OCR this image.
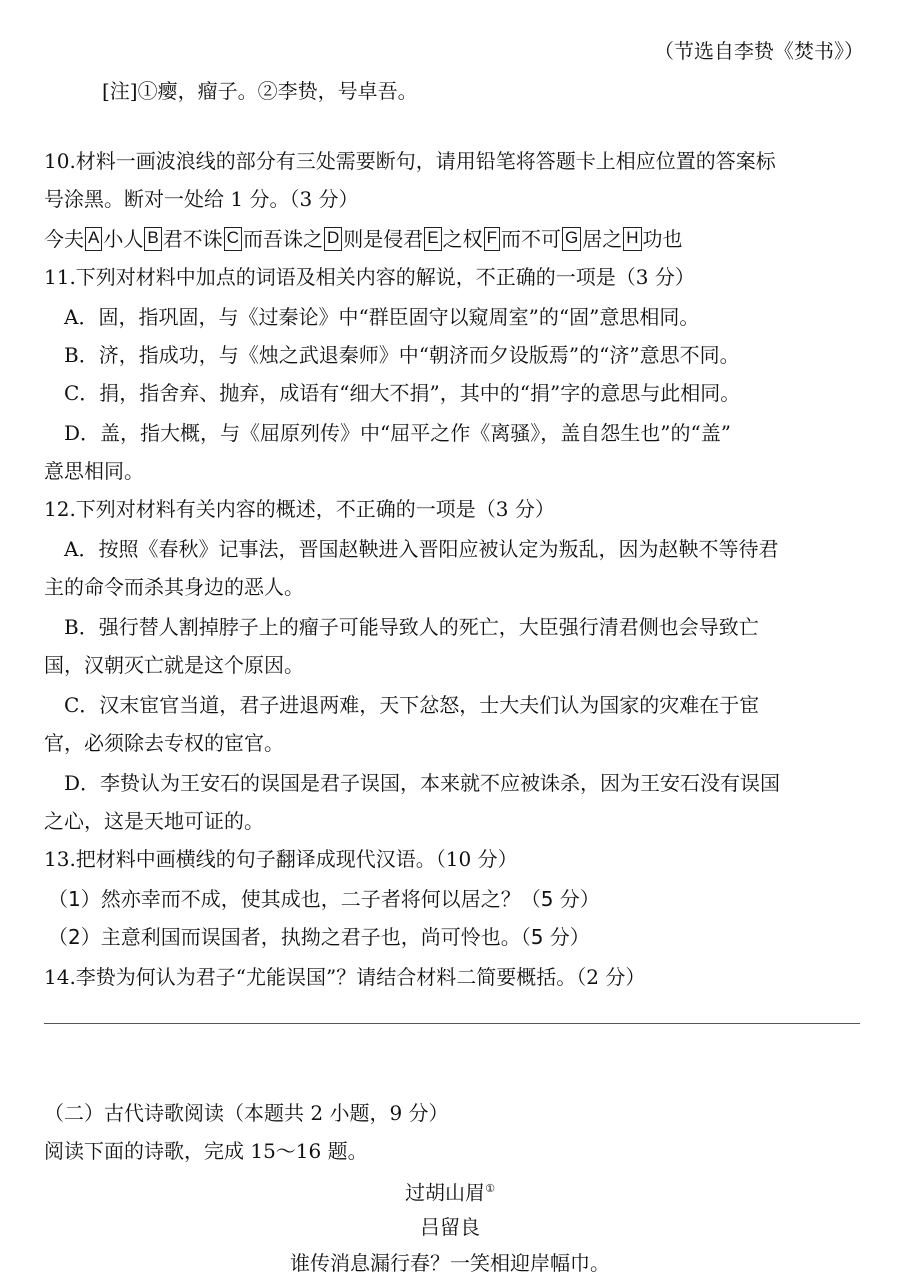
（节选自李贽《焚书》）
[注]①瘿，瘤子。②李贽，号卓吾。
10.材料一画波浪线的部分有三处需要断句，请用铅笔将答题卡上相应位置的答案标
号涂黑。断对一处给 1 分。（3 分）
今夫 A 小人 B 君不诛 C 而吾诛之 D 则是侵君 E 之权 F 而不可 G 居之 H 功也
11.下列对材料中加点的词语及相关内容的解说，不正确的一项是（3 分）
A．固，指巩固，与《过秦论》中“群臣固守以窥周室”的“固”意思相同。
B．济，指成功，与《烛之武退秦师》中“朝济而夕设版焉”的“济”意思不同。
C．捐，指舍弃、抛弃，成语有“细大不捐”，其中的“捐”字的意思与此相同。
D．盖，指大概，与《屈原列传》中“屈平之作《离骚》，盖自怨生也”的“盖”
意思相同。
12.下列对材料有关内容的概述，不正确的一项是（3 分）
A．按照《春秋》记事法，晋国赵鞅进入晋阳应被认定为叛乱，因为赵鞅不等待君
主的命令而杀其身边的恶人。
B．强行替人割掉脖子上的瘤子可能导致人的死亡，大臣强行清君侧也会导致亡
国，汉朝灭亡就是这个原因。
C．汉末宦官当道，君子进退两难，天下忿怒，士大夫们认为国家的灾难在于宦
官，必须除去专权的宦官。
D．李贽认为王安石的误国是君子误国，本来就不应被诛杀，因为王安石没有误国
之心，这是天地可证的。
13.把材料中画横线的句子翻译成现代汉语。（10 分）
（1）然亦幸而不成，使其成也，二子者将何以居之？（5 分）
（2）主意利国而误国者，执拗之君子也，尚可怜也。（5 分）
14.李贽为何认为君子“尤能误国”？请结合材料二简要概括。（2 分）
（二）古代诗歌阅读（本题共 2 小题，9 分）
阅读下面的诗歌，完成 15～16 题。
过胡山眉①
吕留良
谁传消息漏行春？一笑相迎岸幅巾。
